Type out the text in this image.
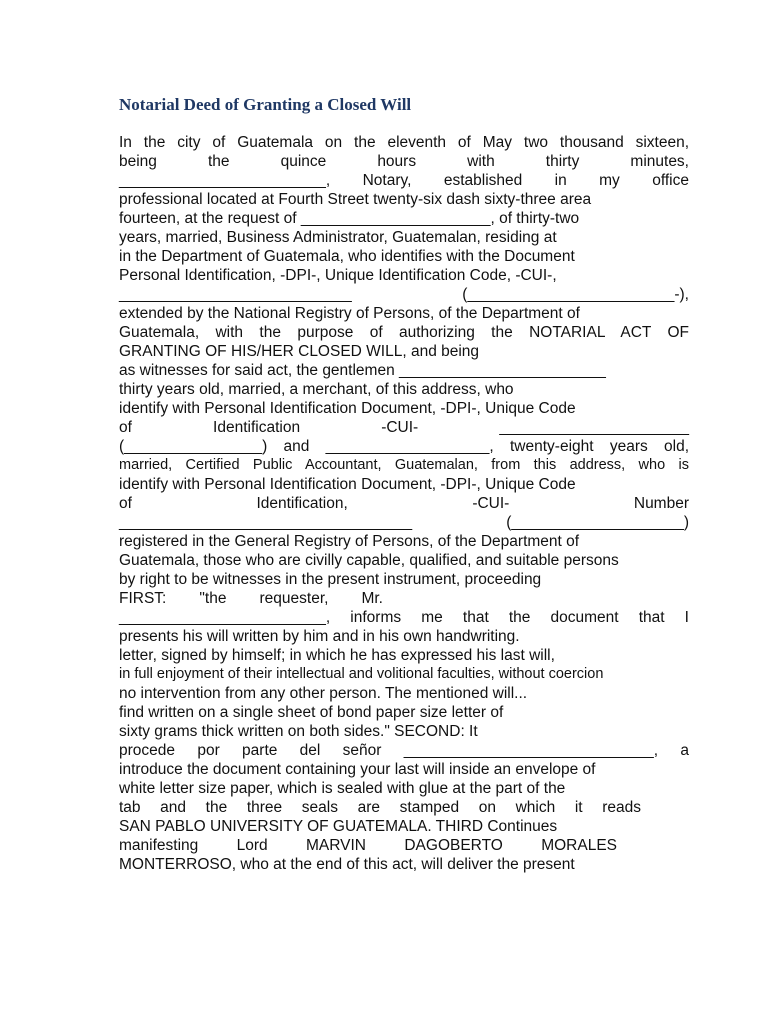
Notarial Deed of Granting a Closed Will
In the city of Guatemala on the eleventh of May two thousand sixteen,
being the quince hours with thirty minutes,
________________________, Notary, established in my office
professional located at Fourth Street twenty-six dash sixty-three area
fourteen, at the request of ______________________, of thirty-two
years, married, Business Administrator, Guatemalan, residing at
in the Department of Guatemala, who identifies with the Document
Personal Identification, -DPI-, Unique Identification Code, -CUI-,
___________________________ (________________________-),
extended by the National Registry of Persons, of the Department of
Guatemala, with the purpose of authorizing the NOTARIAL ACT OF
GRANTING OF HIS/HER CLOSED WILL, and being
as witnesses for said act, the gentlemen ________________________
thirty years old, married, a merchant, of this address, who
identify with Personal Identification Document, -DPI-, Unique Code
of Identification -CUI- ______________________
(________________) and ___________________, twenty-eight years old,
married, Certified Public Accountant, Guatemalan, from this address, who is
identify with Personal Identification Document, -DPI-, Unique Code
of Identification, -CUI- Number
__________________________________ (____________________)
registered in the General Registry of Persons, of the Department of
Guatemala, those who are civilly capable, qualified, and suitable persons
by right to be witnesses in the present instrument, proceeding
FIRST: "the requester, Mr.
________________________, informs me that the document that I
presents his will written by him and in his own handwriting.
letter, signed by himself; in which he has expressed his last will,
in full enjoyment of their intellectual and volitional faculties, without coercion
no intervention from any other person. The mentioned will...
find written on a single sheet of bond paper size letter of
sixty grams thick written on both sides." SECOND: It
procede por parte del señor _____________________________, a
introduce the document containing your last will inside an envelope of
white letter size paper, which is sealed with glue at the part of the
tab and the three seals are stamped on which it reads
SAN PABLO UNIVERSITY OF GUATEMALA. THIRD Continues
manifesting Lord MARVIN DAGOBERTO MORALES
MONTERROSO, who at the end of this act, will deliver the present
